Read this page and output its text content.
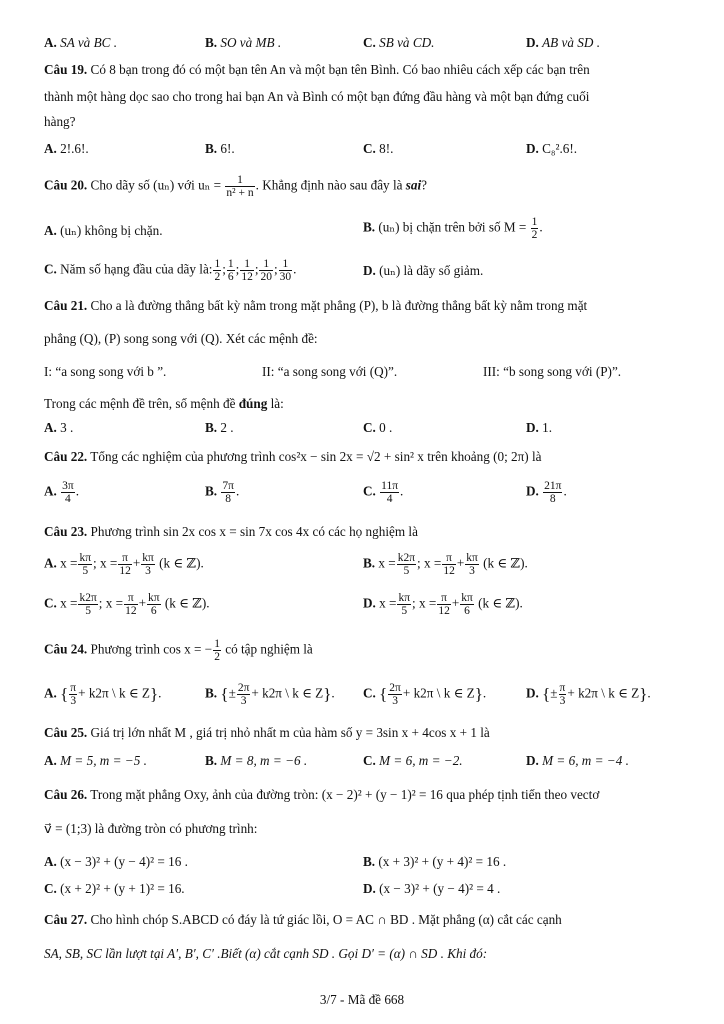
A. SA và BC .	B. SO và MB .	C. SB và CD.	D. AB và SD .
Câu 19. Có 8 bạn trong đó có một bạn tên An và một bạn tên Bình. Có bao nhiêu cách xếp các bạn trên
thành một hàng dọc sao cho trong hai bạn An và Bình có một bạn đứng đầu hàng và một bạn đứng cuối
hàng?
A. 2!.6!.	B. 6!.	C. 8!.	D. C₈².6!.
Câu 20. Cho dãy số (uₙ) với $u_n = \frac{1}{\text{n² + n}}$ . Khẳng định nào sau đây là sai?
A. (uₙ) không bị chặn.	B. (uₙ) bị chặn trên bởi số $M = \frac{1}{2}$ .
C. Năm số hạng đầu của dãy là: $\frac{1}{2}$ ; $\frac{1}{6}$ ; $\frac{1}{12}$ ; $\frac{1}{20}$ ; $\frac{1}{30}$ .	D. (uₙ) là dãy số giảm.
Câu 21. Cho a là đường thẳng bất kỳ nằm trong mặt phẳng (P), b là đường thẳng bất kỳ nằm trong mặt
phẳng (Q), (P) song song với (Q). Xét các mệnh đề:
I: “a song song với b ”.	II: “a song song với (Q)”.	III: “b song song với (P)”.
Trong các mệnh đề trên, số mệnh đề đúng là:
A. 3 .	B. 2 .	C. 0 .	D. 1.
Câu 22. Tổng các nghiệm của phương trình cos²x − sin 2x = √2 + sin² x trên khoảng (0; 2π) là
A. $\frac{3\pi}{4}$ .	B. $\frac{7\pi}{8}$ .	C. $\frac{11\pi}{4}$ .	D. $\frac{21\pi}{8}$ .
Câu 23. Phương trình sin 2x cos x = sin 7x cos 4x có các họ nghiệm là
A. $x = \frac{k\pi}{5}$ ; $x = \frac{\pi}{12} + \frac{k\pi}{3} (k$ ∈ ℤ).	B. $x = \frac{k2\pi}{5}$ ; $x = \frac{\pi}{12} + \frac{k\pi}{3} (k$ ∈ ℤ).
C. $x = \frac{k2\pi}{5}$ ; $x = \frac{\pi}{12} + \frac{k\pi}{6} (k$ ∈ ℤ).	D. $x = \frac{k\pi}{5}$ ; $x = \frac{\pi}{12} + \frac{k\pi}{6} (k$ ∈ ℤ).
Câu 24. Phương trình cos x = − $\frac{1}{2}$ có tập nghiệm là
A. { $\frac{\pi}{3} + k2\pi$ \ k ∈ Z}.	B. {± $\frac{2\pi}{3} + k2\pi$ \ k ∈ Z}. C. { $\frac{2\pi}{3} + k2\pi$ \ k ∈ Z}.	D. {± $\frac{\pi}{3} + k2\pi$ \ k ∈ Z}.
Câu 25. Giá trị lớn nhất M , giá trị nhỏ nhất m của hàm số y = 3sin x + 4cos x + 1 là
A. M = 5, m = −5 .	B. M = 8, m = −6 .	C. M = 6, m = −2.	D. M = 6, m = −4 .
Câu 26. Trong mặt phẳng Oxy, ảnh của đường tròn: (x − 2)² + (y − 1)² = 16 qua phép tịnh tiến theo vectơ
v⃗ = (1;3) là đường tròn có phương trình:
A. (x − 3)² + (y − 4)² = 16 .	B. (x + 3)² + (y + 4)² = 16 .
C. (x + 2)² + (y + 1)² = 16.	D. (x − 3)² + (y − 4)² = 4 .
Câu 27. Cho hình chóp S.ABCD có đáy là tứ giác lồi, O = AC ∩ BD . Mặt phẳng (α) cắt các cạnh
SA, SB, SC lần lượt tại A′, B′, C′ .Biết (α) cắt cạnh SD . Gọi D′ = (α) ∩ SD . Khi đó:
3/7 - Mã đề 668
